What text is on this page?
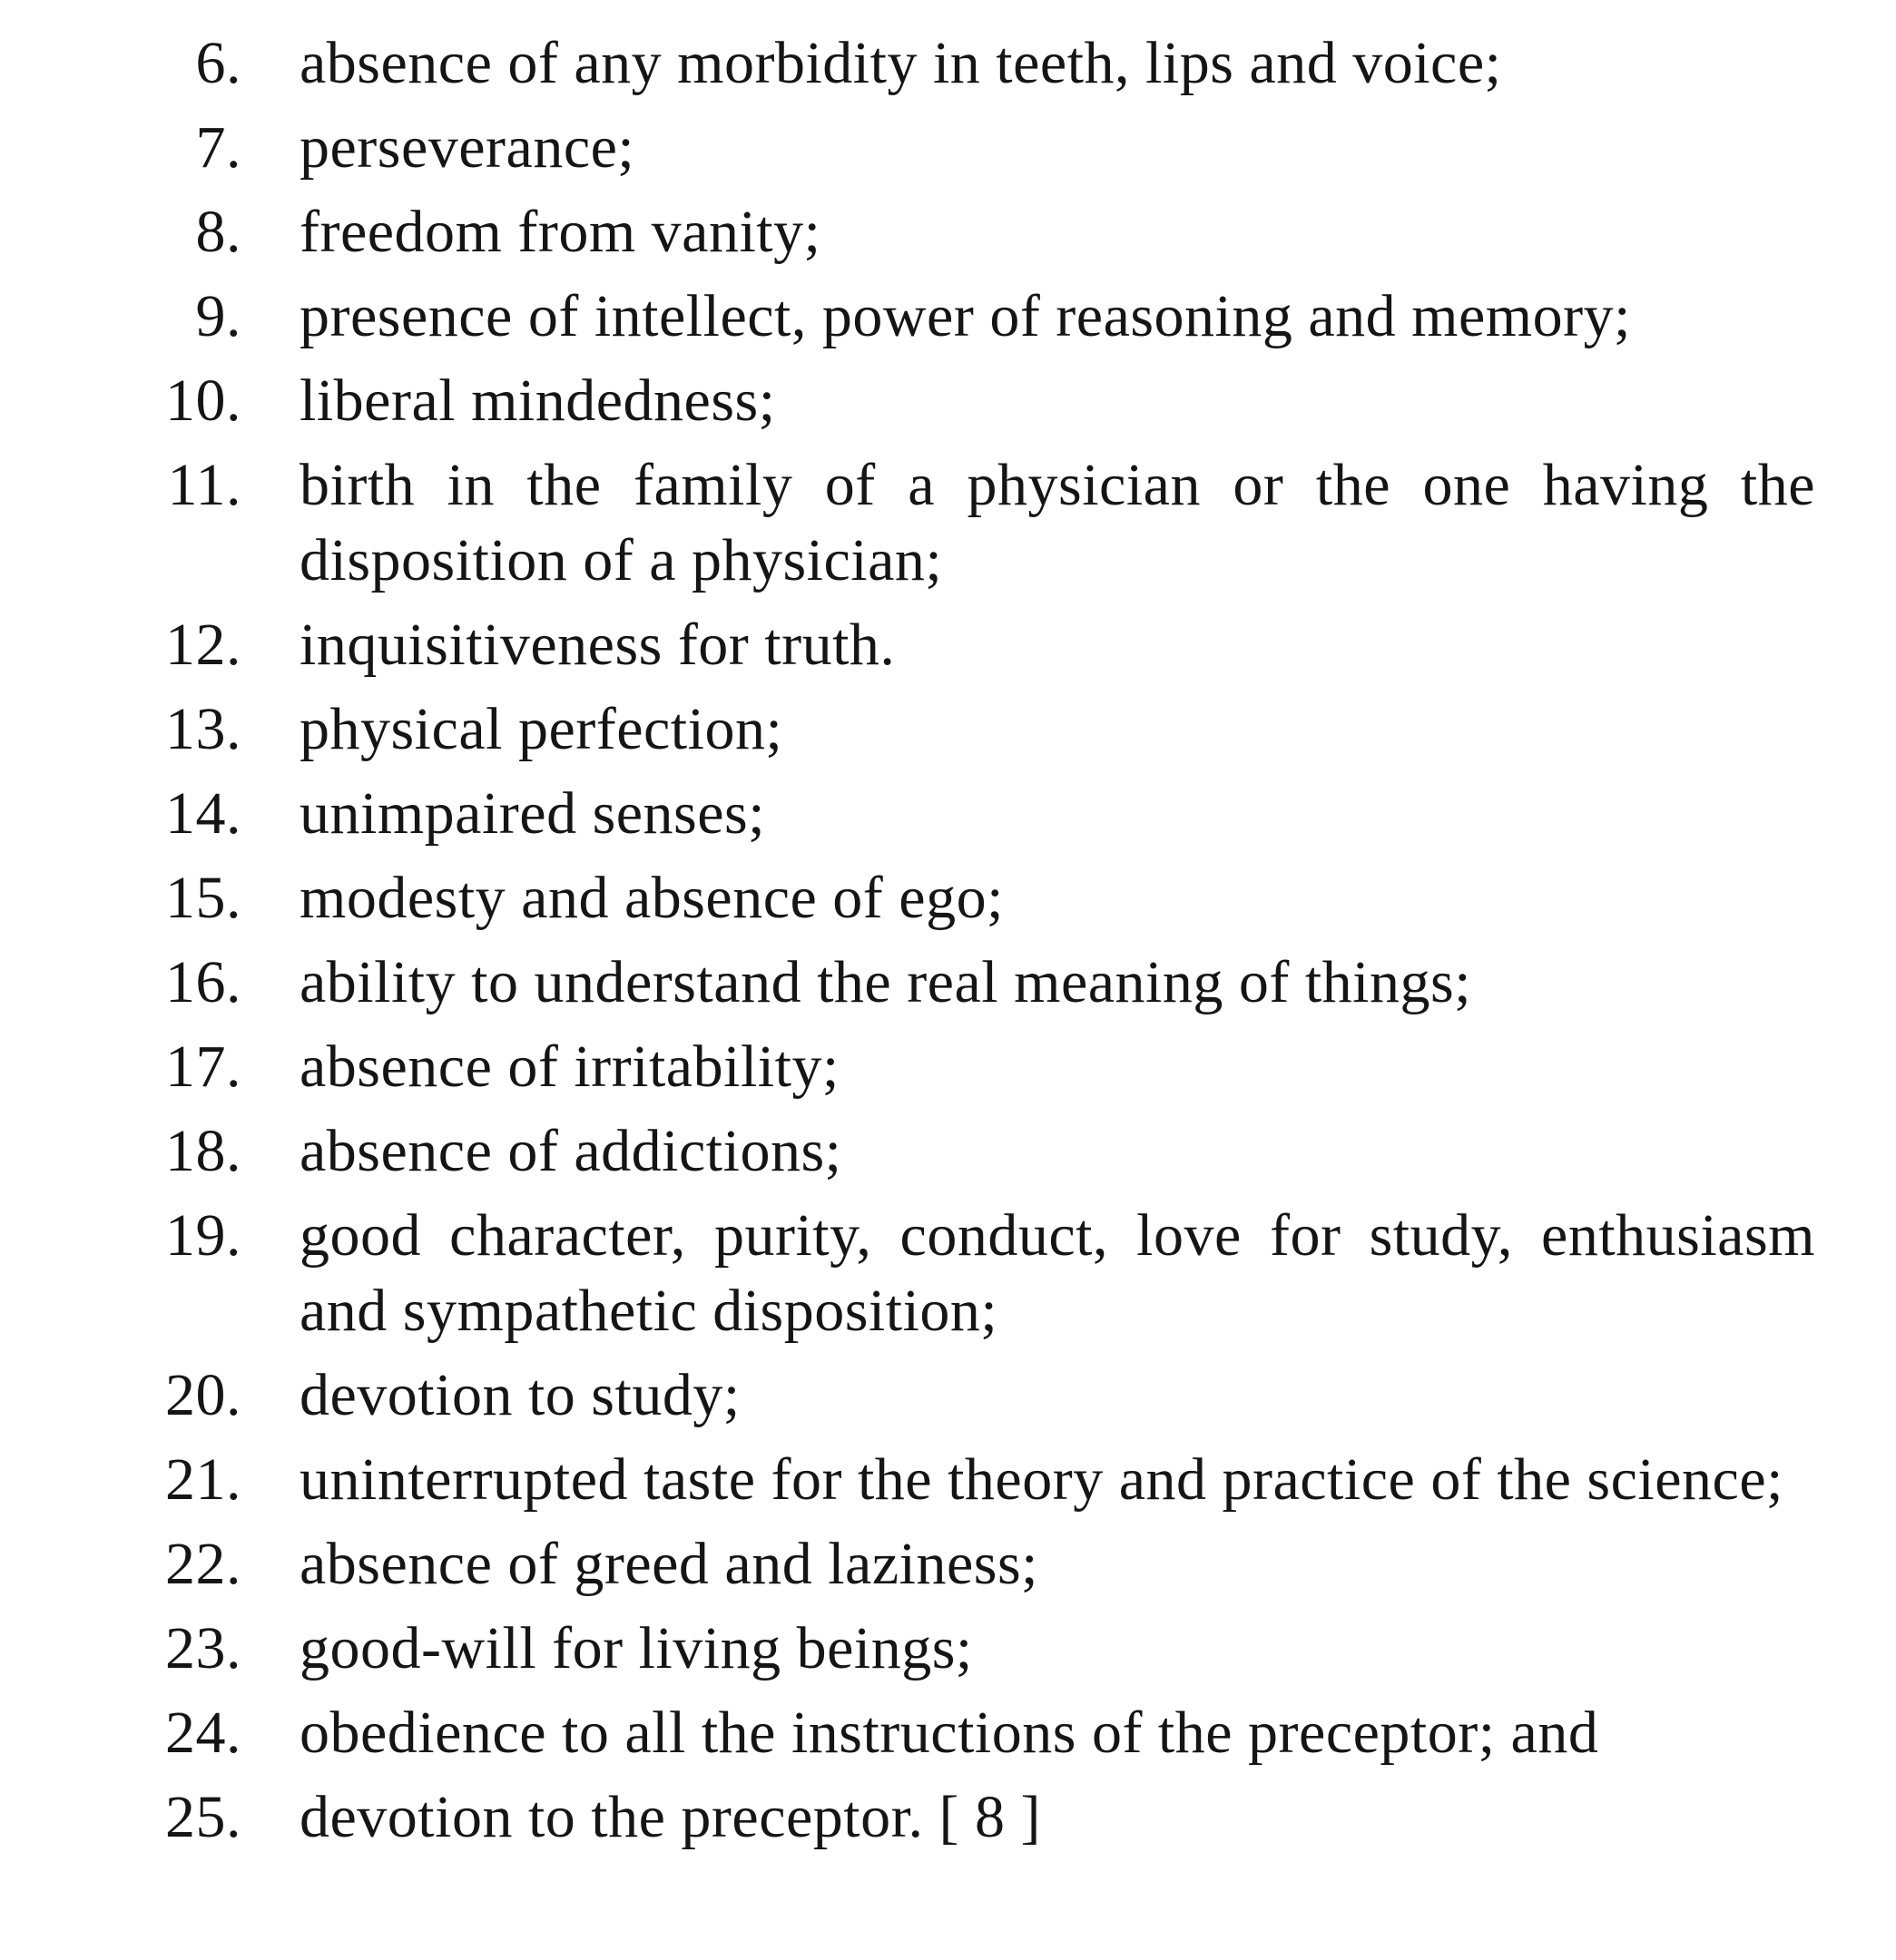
6. absence of any morbidity in teeth, lips and voice;
7. perseverance;
8. freedom from vanity;
9. presence of intellect, power of reasoning and memory;
10. liberal mindedness;
11. birth in the family of a physician or the one having the disposition of a physician;
12. inquisitiveness for truth.
13. physical perfection;
14. unimpaired senses;
15. modesty and absence of ego;
16. ability to understand the real meaning of things;
17. absence of irritability;
18. absence of addictions;
19. good character, purity, conduct, love for study, enthusiasm and sympathetic disposition;
20. devotion to study;
21. uninterrupted taste for the theory and practice of the science;
22. absence of greed and laziness;
23. good-will for living beings;
24. obedience to all the instructions of the preceptor; and
25. devotion to the preceptor. [ 8 ]
